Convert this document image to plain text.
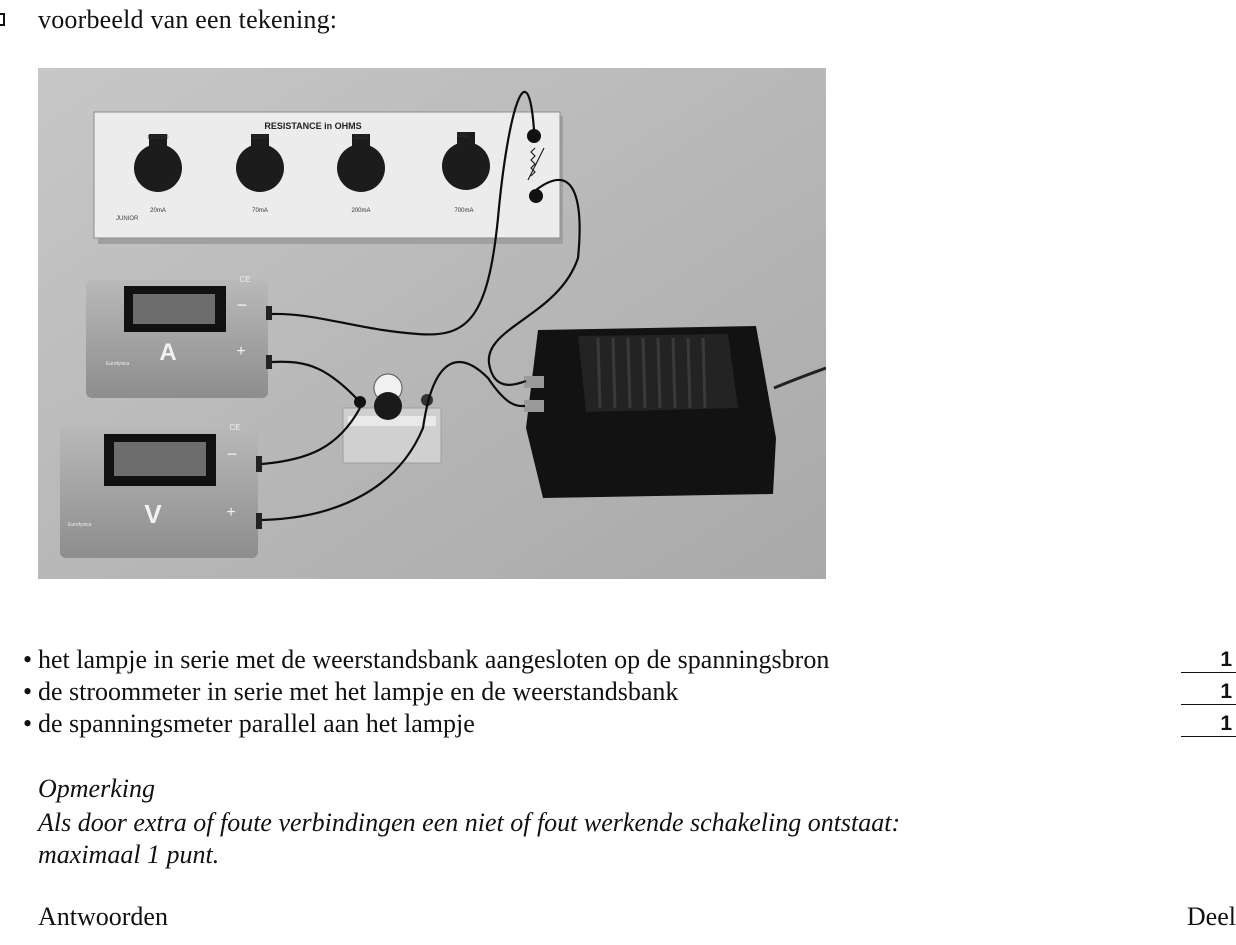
voorbeeld van een tekening:
RESISTANCE in OHMS
Ωx1000	Ωx100	Ωx10	Ωx1
20mA	70mA	200mA	700mA
JUNIOR
A
−
+
CE
Eurofysica
V
−
+
CE
Eurofysica
• het lampje in serie met de weerstandsbank aangesloten op de spanningsbron	1
• de stroommeter in serie met het lampje en de weerstandsbank	1
• de spanningsmeter parallel aan het lampje	1
Opmerking
Als door extra of foute verbindingen een niet of fout werkende schakeling ontstaat:
maximaal 1 punt.
Antwoorden	Deel
